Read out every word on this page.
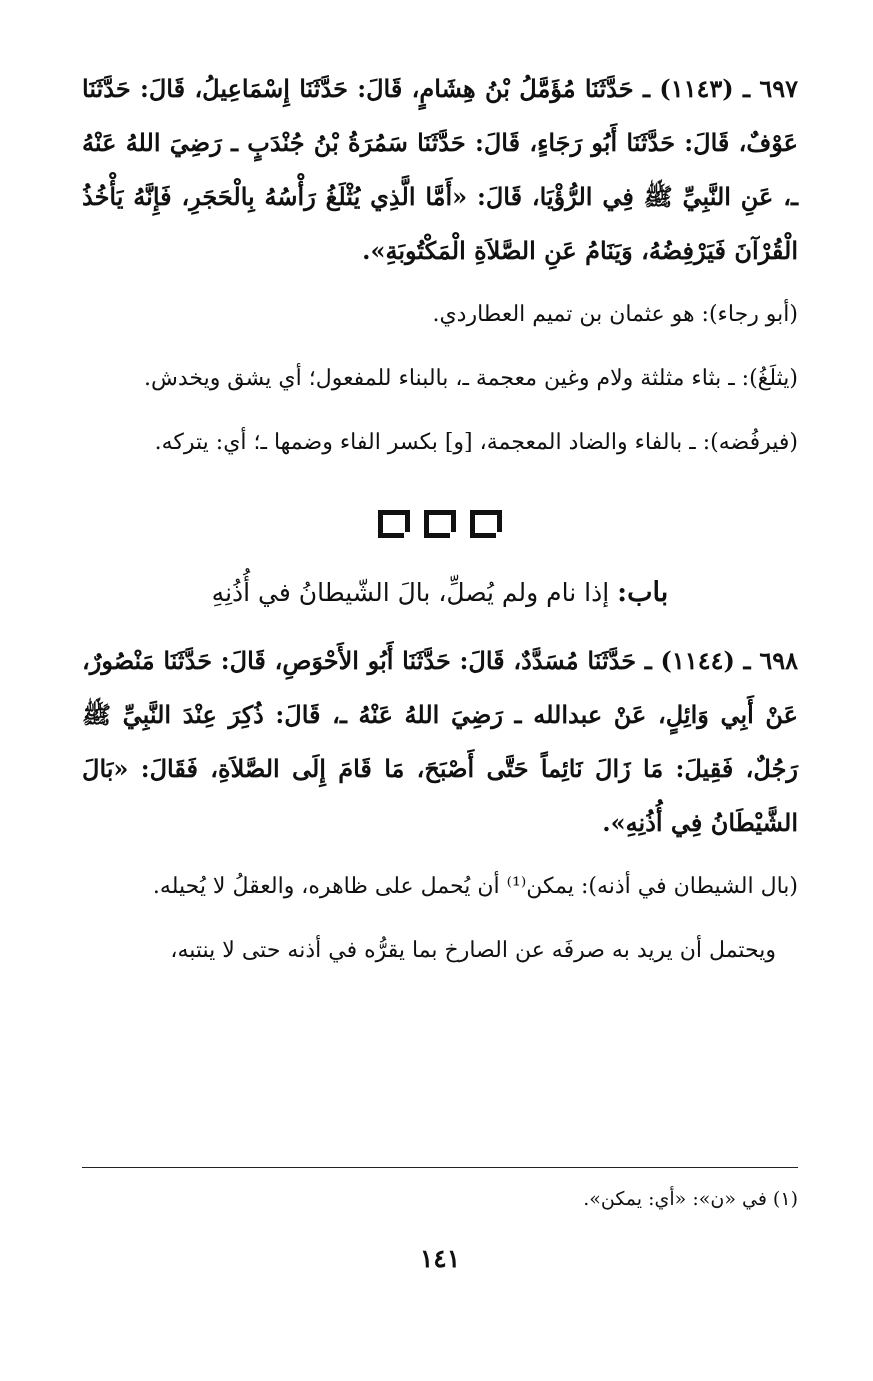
٦٩٧ ـ (١١٤٣) ـ حَدَّثَنَا مُؤَمَّلُ بْنُ هِشَامٍ، قَالَ: حَدَّثَنَا إِسْمَاعِيلُ، قَالَ: حَدَّثَنَا عَوْفٌ، قَالَ: حَدَّثَنَا أَبُو رَجَاءٍ، قَالَ: حَدَّثَنَا سَمُرَةُ بْنُ جُنْدَبٍ ـ رَضِيَ اللهُ عَنْهُ ـ، عَنِ النَّبِيِّ ﷺ فِي الرُّؤْيَا، قَالَ: «أَمَّا الَّذِي يُثْلَغُ رَأْسُهُ بِالْحَجَرِ، فَإِنَّهُ يَأْخُذُ الْقُرْآنَ فَيَرْفِضُهُ، وَيَنَامُ عَنِ الصَّلاَةِ الْمَكْتُوبَةِ».

(أبو رجاء): هو عثمان بن تميم العطاردي.

(يثلَغُ): ـ بثاء مثلثة ولام وغين معجمة ـ، بالبناء للمفعول؛ أي يشق ويخدش.

(فيرفُضه): ـ بالفاء والضاد المعجمة، [و] بكسر الفاء وضمها ـ؛ أي: يتركه.

باب: إذا نام ولم يُصلِّ، بالَ الشّيطانُ في أُذُنِهِ

٦٩٨ ـ (١١٤٤) ـ حَدَّثَنَا مُسَدَّدٌ، قَالَ: حَدَّثَنَا أَبُو الأَحْوَصِ، قَالَ: حَدَّثَنَا مَنْصُورٌ، عَنْ أَبِي وَائِلٍ، عَنْ عبدالله ـ رَضِيَ اللهُ عَنْهُ ـ، قَالَ: ذُكِرَ عِنْدَ النَّبِيِّ ﷺ رَجُلٌ، فَقِيلَ: مَا زَالَ نَائِماً حَتَّى أَصْبَحَ، مَا قَامَ إِلَى الصَّلاَةِ، فَقَالَ: «بَالَ الشَّيْطَانُ فِي أُذُنِهِ».

(بال الشيطان في أذنه): يمكن⁽¹⁾ أن يُحمل على ظاهره، والعقلُ لا يُحيله.

ويحتمل أن يريد به صرفَه عن الصارخ بما يقرُّه في أذنه حتى لا ينتبه،

(١) في «ن»: «أي: يمكن».
١٤١
